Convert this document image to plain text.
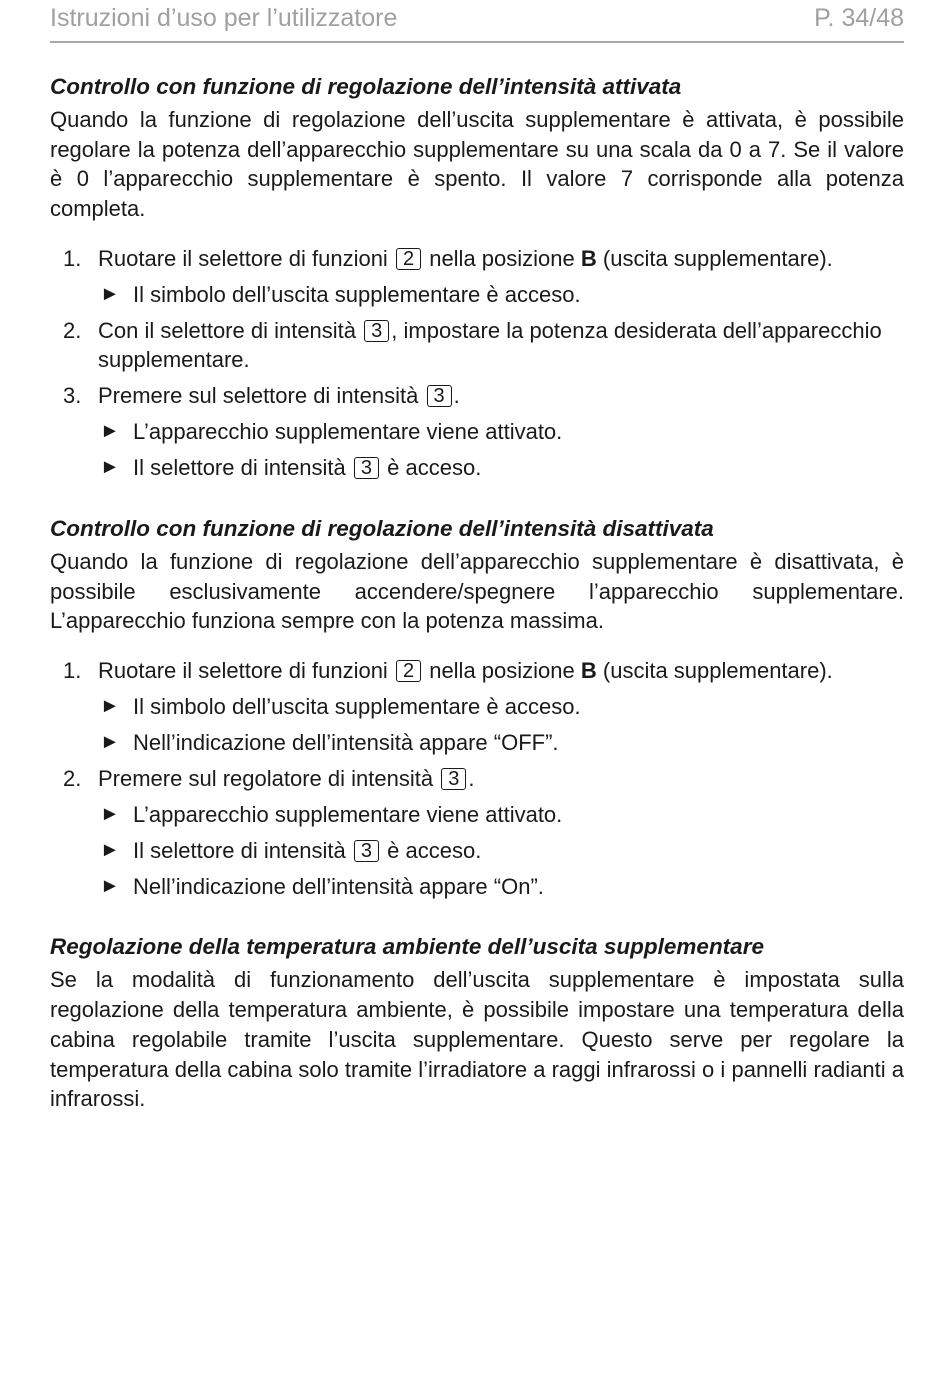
Istruzioni d’uso per l’utilizzatore	P. 34/48
Controllo con funzione di regolazione dell’intensità attivata

Quando la funzione di regolazione dell’uscita supplementare è attivata, è possibile regolare la potenza dell’apparecchio supplementare su una scala da 0 a 7. Se il valore è 0 l’apparecchio supplementare è spento. Il valore 7 corrisponde alla potenza completa.

1. Ruotare il selettore di funzioni 2 nella posizione B (uscita supplementare).
► Il simbolo dell’uscita supplementare è acceso.
2. Con il selettore di intensità 3 , impostare la potenza desiderata dell’apparecchio supplementare.
3. Premere sul selettore di intensità 3 .
► L’apparecchio supplementare viene attivato.
► Il selettore di intensità 3 è acceso.
Controllo con funzione di regolazione dell’intensità disattivata

Quando la funzione di regolazione dell’apparecchio supplementare è disattivata, è possibile esclusivamente accendere/spegnere l’apparecchio supplementare. L’apparecchio funziona sempre con la potenza massima.

1. Ruotare il selettore di funzioni 2 nella posizione B (uscita supplementare).
► Il simbolo dell’uscita supplementare è acceso.
► Nell’indicazione dell’intensità appare “OFF”.
2. Premere sul regolatore di intensità 3 .
► L’apparecchio supplementare viene attivato.
► Il selettore di intensità 3 è acceso.
► Nell’indicazione dell’intensità appare “On”.
Regolazione della temperatura ambiente dell’uscita supplementare

Se la modalità di funzionamento dell’uscita supplementare è impostata sulla regolazione della temperatura ambiente, è possibile impostare una temperatura della cabina regolabile tramite l’uscita supplementare. Questo serve per regolare la temperatura della cabina solo tramite l’irradiatore a raggi infrarossi o i pannelli radianti a infrarossi.
